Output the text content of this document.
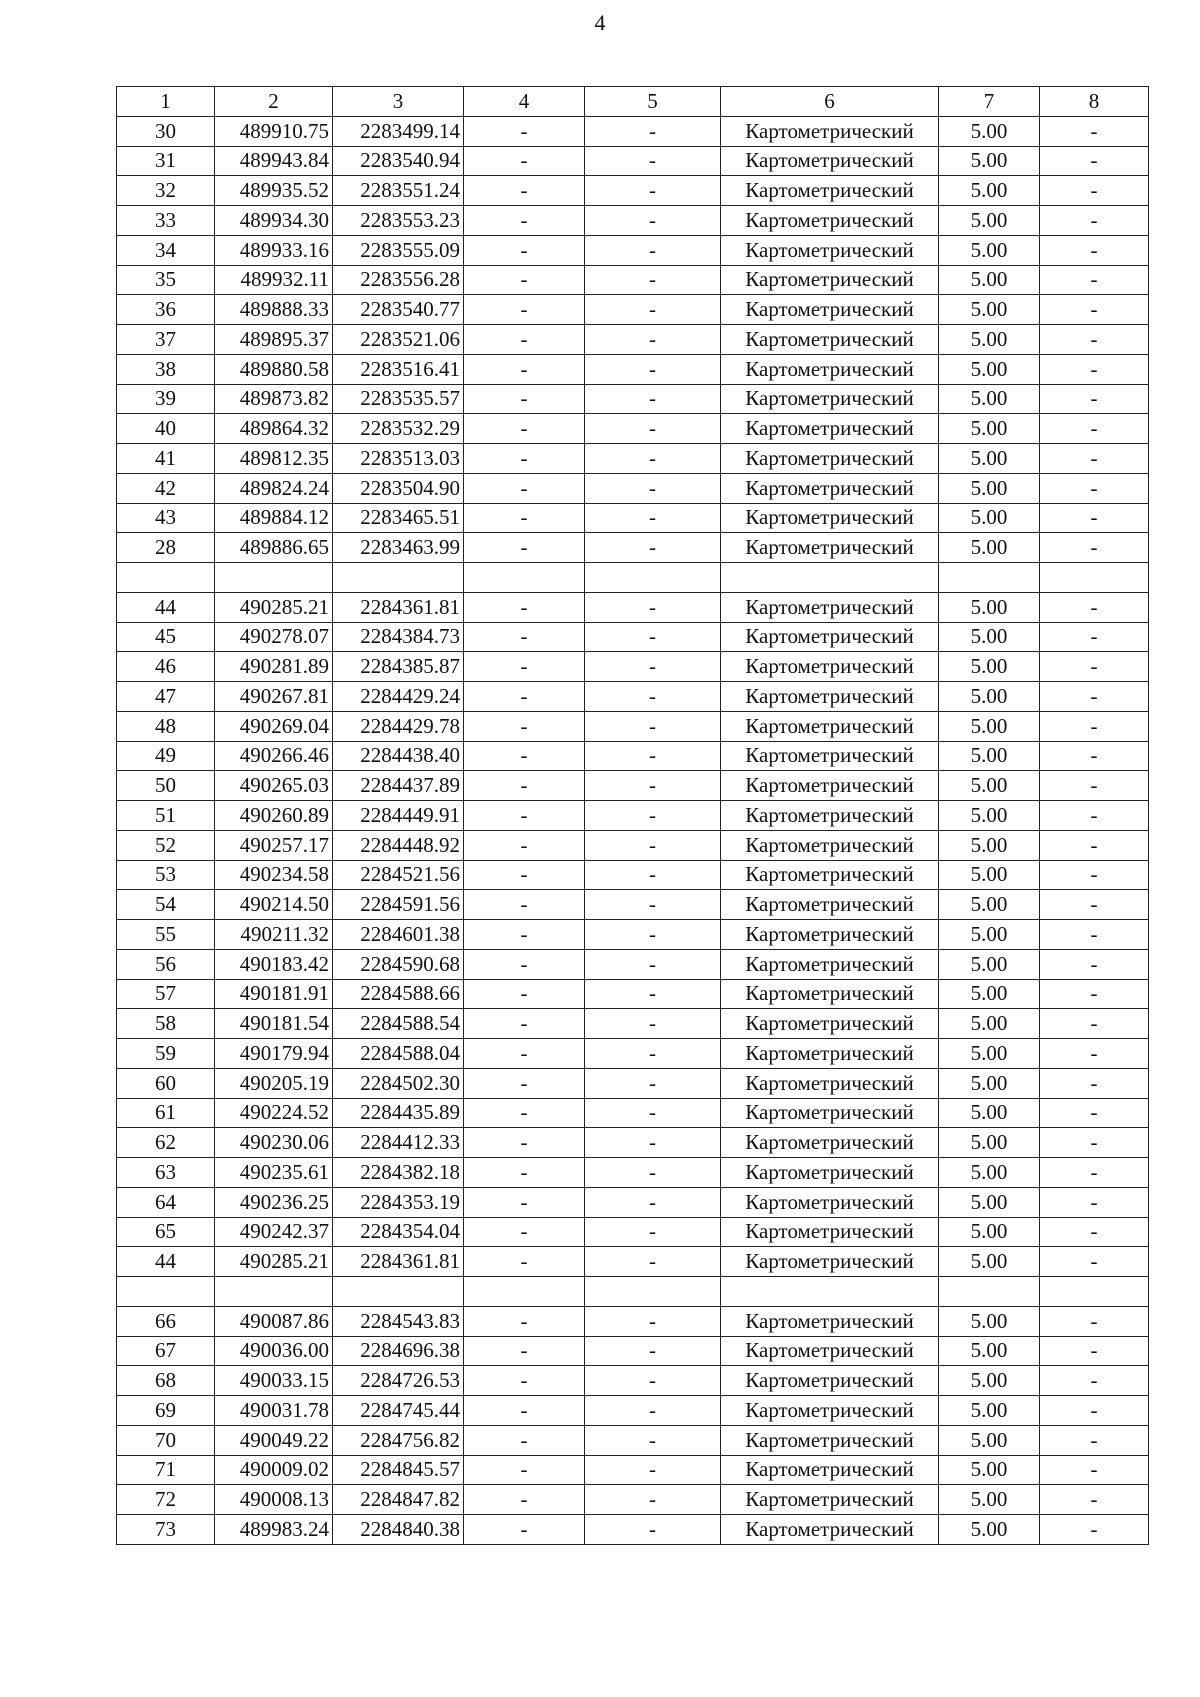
4
1	2	3	4	5	6	7	8
30	489910.75	2283499.14	-	-	Картометрический	5.00	-
31	489943.84	2283540.94	-	-	Картометрический	5.00	-
32	489935.52	2283551.24	-	-	Картометрический	5.00	-
33	489934.30	2283553.23	-	-	Картометрический	5.00	-
34	489933.16	2283555.09	-	-	Картометрический	5.00	-
35	489932.11	2283556.28	-	-	Картометрический	5.00	-
36	489888.33	2283540.77	-	-	Картометрический	5.00	-
37	489895.37	2283521.06	-	-	Картометрический	5.00	-
38	489880.58	2283516.41	-	-	Картометрический	5.00	-
39	489873.82	2283535.57	-	-	Картометрический	5.00	-
40	489864.32	2283532.29	-	-	Картометрический	5.00	-
41	489812.35	2283513.03	-	-	Картометрический	5.00	-
42	489824.24	2283504.90	-	-	Картометрический	5.00	-
43	489884.12	2283465.51	-	-	Картометрический	5.00	-
28	489886.65	2283463.99	-	-	Картометрический	5.00	-

44	490285.21	2284361.81	-	-	Картометрический	5.00	-
45	490278.07	2284384.73	-	-	Картометрический	5.00	-
46	490281.89	2284385.87	-	-	Картометрический	5.00	-
47	490267.81	2284429.24	-	-	Картометрический	5.00	-
48	490269.04	2284429.78	-	-	Картометрический	5.00	-
49	490266.46	2284438.40	-	-	Картометрический	5.00	-
50	490265.03	2284437.89	-	-	Картометрический	5.00	-
51	490260.89	2284449.91	-	-	Картометрический	5.00	-
52	490257.17	2284448.92	-	-	Картометрический	5.00	-
53	490234.58	2284521.56	-	-	Картометрический	5.00	-
54	490214.50	2284591.56	-	-	Картометрический	5.00	-
55	490211.32	2284601.38	-	-	Картометрический	5.00	-
56	490183.42	2284590.68	-	-	Картометрический	5.00	-
57	490181.91	2284588.66	-	-	Картометрический	5.00	-
58	490181.54	2284588.54	-	-	Картометрический	5.00	-
59	490179.94	2284588.04	-	-	Картометрический	5.00	-
60	490205.19	2284502.30	-	-	Картометрический	5.00	-
61	490224.52	2284435.89	-	-	Картометрический	5.00	-
62	490230.06	2284412.33	-	-	Картометрический	5.00	-
63	490235.61	2284382.18	-	-	Картометрический	5.00	-
64	490236.25	2284353.19	-	-	Картометрический	5.00	-
65	490242.37	2284354.04	-	-	Картометрический	5.00	-
44	490285.21	2284361.81	-	-	Картометрический	5.00	-

66	490087.86	2284543.83	-	-	Картометрический	5.00	-
67	490036.00	2284696.38	-	-	Картометрический	5.00	-
68	490033.15	2284726.53	-	-	Картометрический	5.00	-
69	490031.78	2284745.44	-	-	Картометрический	5.00	-
70	490049.22	2284756.82	-	-	Картометрический	5.00	-
71	490009.02	2284845.57	-	-	Картометрический	5.00	-
72	490008.13	2284847.82	-	-	Картометрический	5.00	-
73	489983.24	2284840.38	-	-	Картометрический	5.00	-
